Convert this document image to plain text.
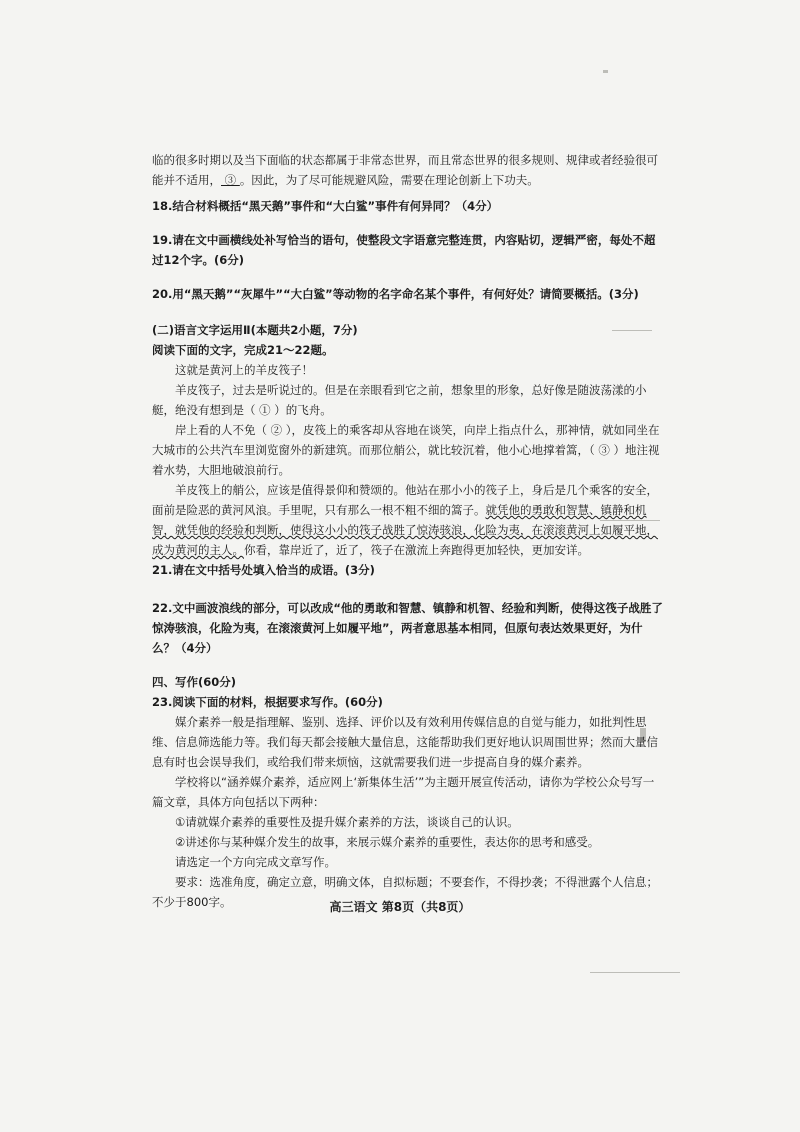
临的很多时期以及当下面临的状态都属于非常态世界，而且常态世界的很多规则、规律或者经验很可
能并不适用， ③ 。因此，为了尽可能规避风险，需要在理论创新上下功夫。

18.结合材料概括“黑天鹅”事件和“大白鲨”事件有何异同？（4分）

19.请在文中画横线处补写恰当的语句，使整段文字语意完整连贯，内容贴切，逻辑严密，每处不超过12个字。(6分)

20.用“黑天鹅”“灰犀牛”“大白鲨”等动物的名字命名某个事件，有何好处？请简要概括。(3分)

(二)语言文字运用Ⅱ(本题共2小题，7分)

阅读下面的文字，完成21～22题。

这就是黄河上的羊皮筏子！

羊皮筏子，过去是听说过的。但是在亲眼看到它之前，想象里的形象，总好像是随波荡漾的小艇，绝没有想到是（ ① ）的飞舟。

岸上看的人不免（ ② ），皮筏上的乘客却从容地在谈笑，向岸上指点什么，那神情，就如同坐在大城市的公共汽车里浏览窗外的新建筑。而那位艄公，就比较沉着，他小心地撑着篙，（ ③ ）地注视着水势，大胆地破浪前行。

羊皮筏上的艄公，应该是值得景仰和赞颂的。他站在那小小的筏子上，身后是几个乘客的安全，面前是险恶的黄河风浪。手里呢，只有那么一根不粗不细的篙子。就凭他的勇敢和智慧、镇静和机智，就凭他的经验和判断，使得这小小的筏子战胜了惊涛骇浪，化险为夷，在滚滚黄河上如履平地，成为黄河的主人。你看，靠岸近了，近了，筏子在激流上奔跑得更加轻快，更加安详。

21.请在文中括号处填入恰当的成语。(3分)

22.文中画波浪线的部分，可以改成“他的勇敢和智慧、镇静和机智、经验和判断，使得这筏子战胜了惊涛骇浪，化险为夷，在滚滚黄河上如履平地”，两者意思基本相同，但原句表达效果更好，为什么？（4分）

四、写作(60分)

23.阅读下面的材料，根据要求写作。(60分)

媒介素养一般是指理解、鉴别、选择、评价以及有效利用传媒信息的自觉与能力，如批判性思维、信息筛选能力等。我们每天都会接触大量信息，这能帮助我们更好地认识周围世界；然而大量信息有时也会误导我们，或给我们带来烦恼，这就需要我们进一步提高自身的媒介素养。

学校将以“涵养媒介素养，适应网上‘新集体生活’”为主题开展宣传活动，请你为学校公众号写一篇文章，具体方向包括以下两种：

①请就媒介素养的重要性及提升媒介素养的方法，谈谈自己的认识。

②讲述你与某种媒介发生的故事，来展示媒介素养的重要性，表达你的思考和感受。

请选定一个方向完成文章写作。

要求：选准角度，确定立意，明确文体，自拟标题；不要套作，不得抄袭；不得泄露个人信息；不少于800字。	高三语文 第8页（共8页）
